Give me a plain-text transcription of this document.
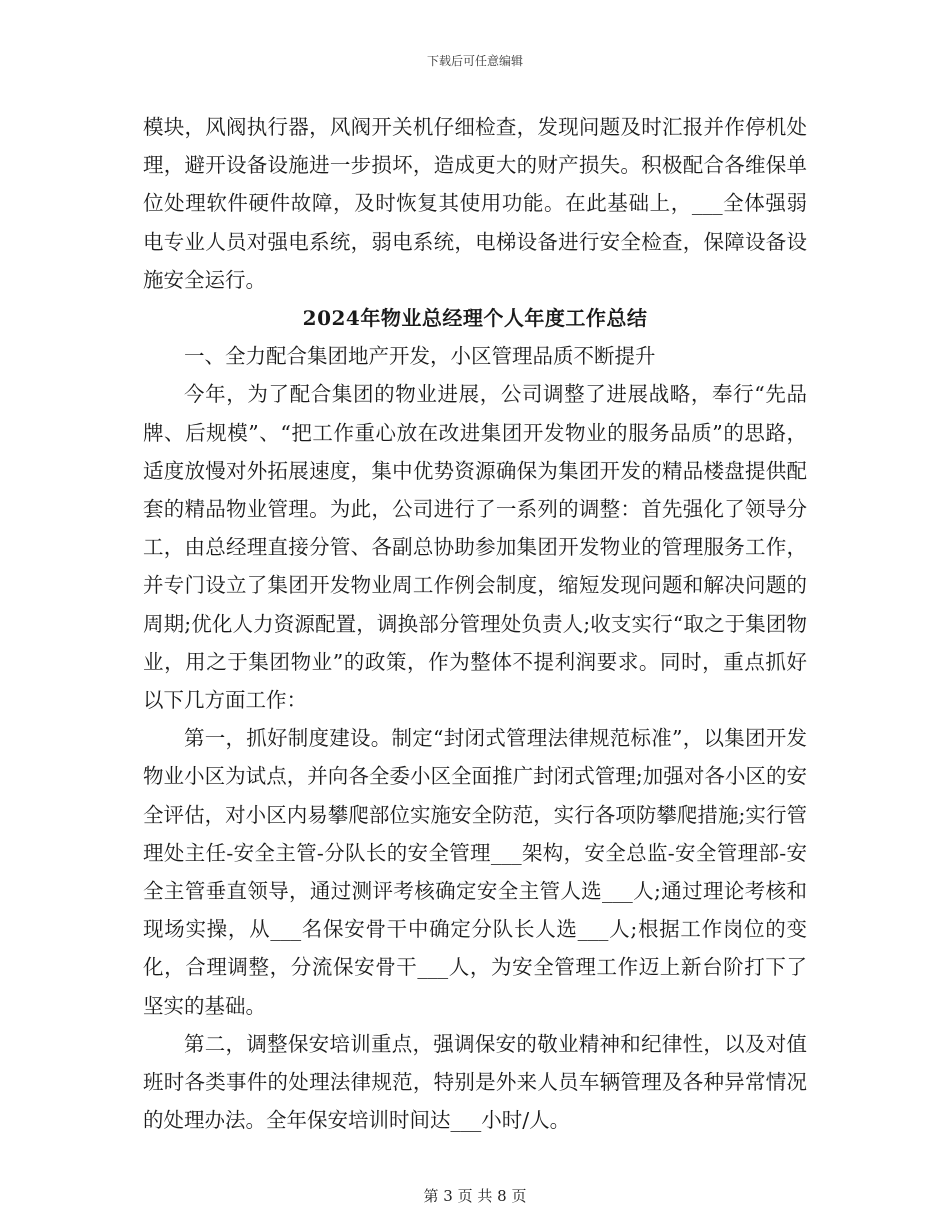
下载后可任意编辑

模块，风阀执行器，风阀开关机仔细检查，发现问题及时汇报并作停机处理，避开设备设施进一步损坏，造成更大的财产损失。积极配合各维保单位处理软件硬件故障，及时恢复其使用功能。在此基础上，___全体强弱电专业人员对强电系统，弱电系统，电梯设备进行安全检查，保障设备设施安全运行。

2024年物业总经理个人年度工作总结

一、全力配合集团地产开发，小区管理品质不断提升

今年，为了配合集团的物业进展，公司调整了进展战略，奉行“先品牌、后规模”、“把工作重心放在改进集团开发物业的服务品质”的思路，适度放慢对外拓展速度，集中优势资源确保为集团开发的精品楼盘提供配套的精品物业管理。为此，公司进行了一系列的调整：首先强化了领导分工，由总经理直接分管、各副总协助参加集团开发物业的管理服务工作，并专门设立了集团开发物业周工作例会制度，缩短发现问题和解决问题的周期;优化人力资源配置，调换部分管理处负责人;收支实行“取之于集团物业，用之于集团物业”的政策，作为整体不提利润要求。同时，重点抓好以下几方面工作：

第一，抓好制度建设。制定“封闭式管理法律规范标准”，以集团开发物业小区为试点，并向各全委小区全面推广封闭式管理;加强对各小区的安全评估，对小区内易攀爬部位实施安全防范，实行各项防攀爬措施;实行管理处主任-安全主管-分队长的安全管理___架构，安全总监-安全管理部-安全主管垂直领导，通过测评考核确定安全主管人选___人;通过理论考核和现场实操，从___名保安骨干中确定分队长人选___人;根据工作岗位的变化，合理调整，分流保安骨干___人，为安全管理工作迈上新台阶打下了坚实的基础。

第二，调整保安培训重点，强调保安的敬业精神和纪律性，以及对值班时各类事件的处理法律规范，特别是外来人员车辆管理及各种异常情况的处理办法。全年保安培训时间达___小时/人。

第 3 页 共 8 页
